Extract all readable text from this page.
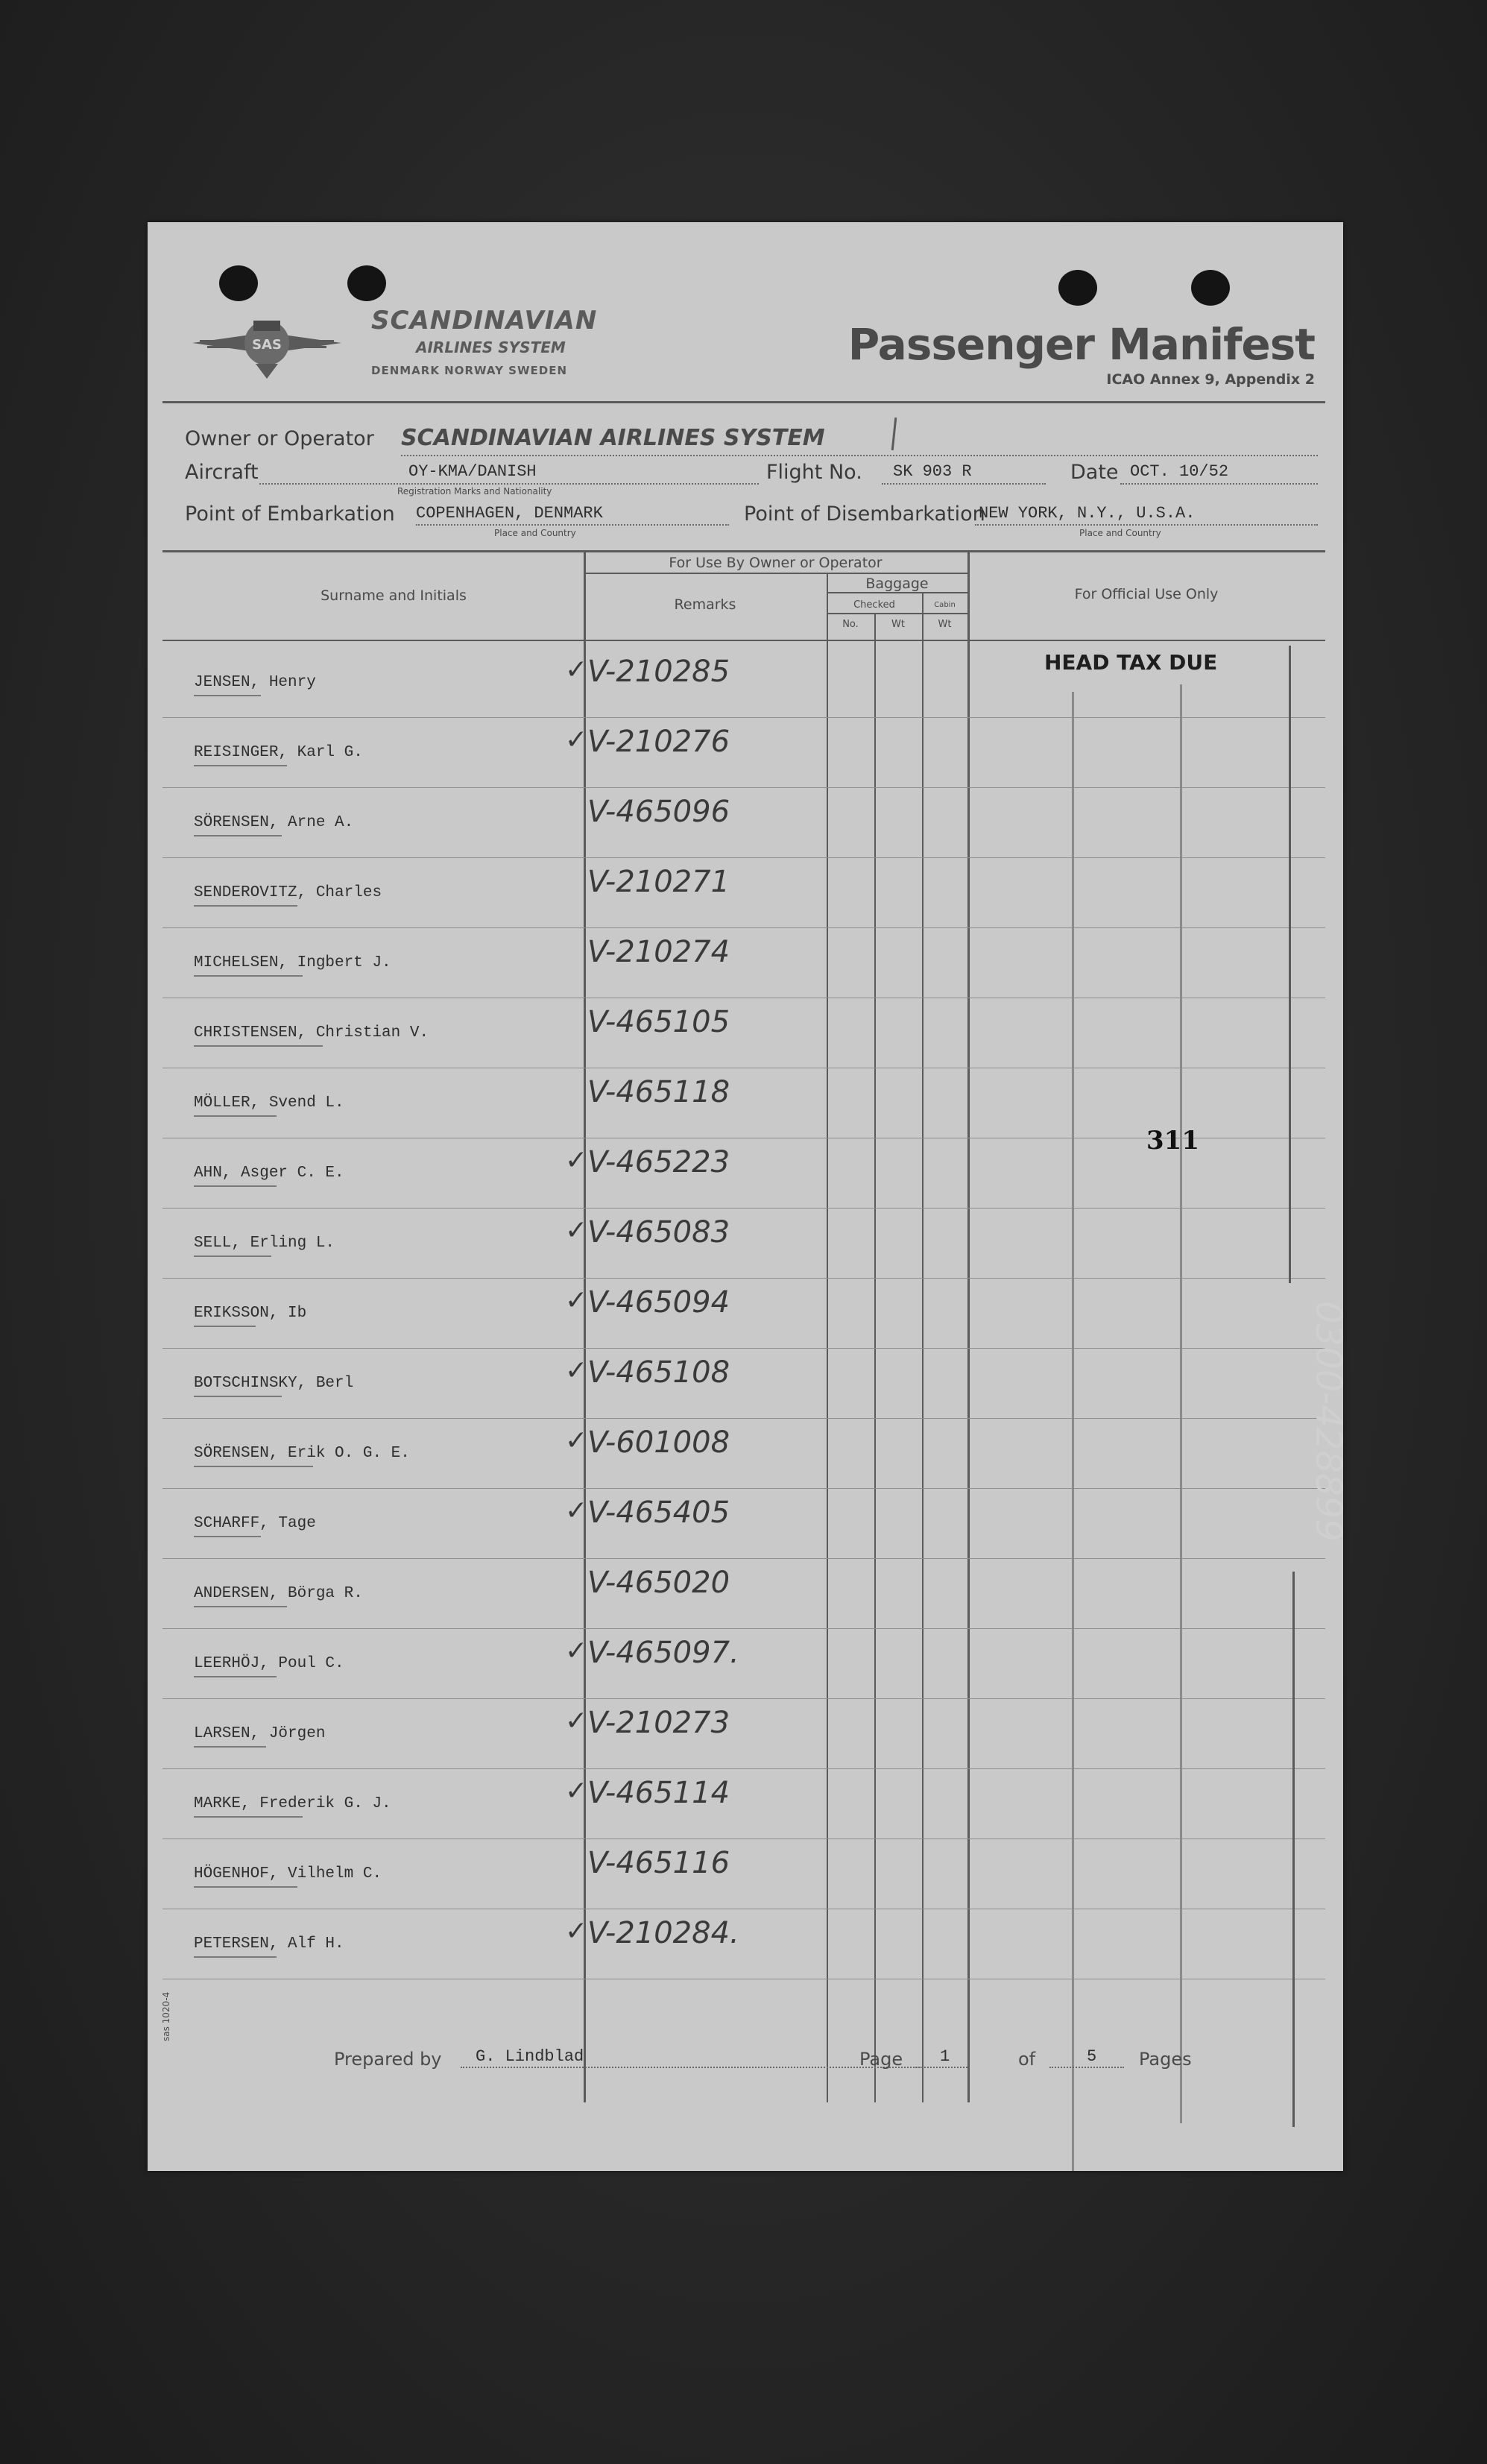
SAS
SCANDINAVIAN
AIRLINES SYSTEM
DENMARK NORWAY SWEDEN
Passenger Manifest
ICAO Annex 9, Appendix 2
Owner or Operator SCANDINAVIAN AIRLINES SYSTEM
Aircraft	OY-KMA/DANISH
Registration Marks and Nationality
Flight No. SK 903 R	Date OCT. 10/52
Point of Embarkation COPENHAGEN, DENMARK
Place and Country
Point of Disembarkation
NEW YORK, N.Y., U.S.A.
Place and Country
Surname and Initials
For Use By Owner or Operator
Remarks
Baggage
Checked	Cabin
No.	Wt	Wt
For Official Use Only
JENSEN, Henry	V-210285
✓
REISINGER, Karl G.	V-210276
✓
SÖRENSEN, Arne A.	V-465096
SENDEROVITZ, Charles	V-210271
MICHELSEN, Ingbert J.	V-210274
CHRISTENSEN, Christian V.	V-465105
MÖLLER, Svend L.	V-465118
AHN, Asger C. E.	V-465223
✓
SELL, Erling L.	V-465083
✓
ERIKSSON, Ib	V-465094
✓
BOTSCHINSKY, Berl	V-465108
✓
SÖRENSEN, Erik O. G. E.	V-601008
✓
SCHARFF, Tage	V-465405
✓
ANDERSEN, Börga R.	V-465020
LEERHÖJ, Poul C.	V-465097.
✓
LARSEN, Jörgen	V-210273
✓
MARKE, Frederik G. J.	V-465114
✓
HÖGENHOF, Vilhelm C.	V-465116
PETERSEN, Alf H.	V-210284.
✓
HEAD TAX DUE
311
Prepared by G. Lindblad	Page 1	of	5 Pages
sas 1020-4
0300-428899
